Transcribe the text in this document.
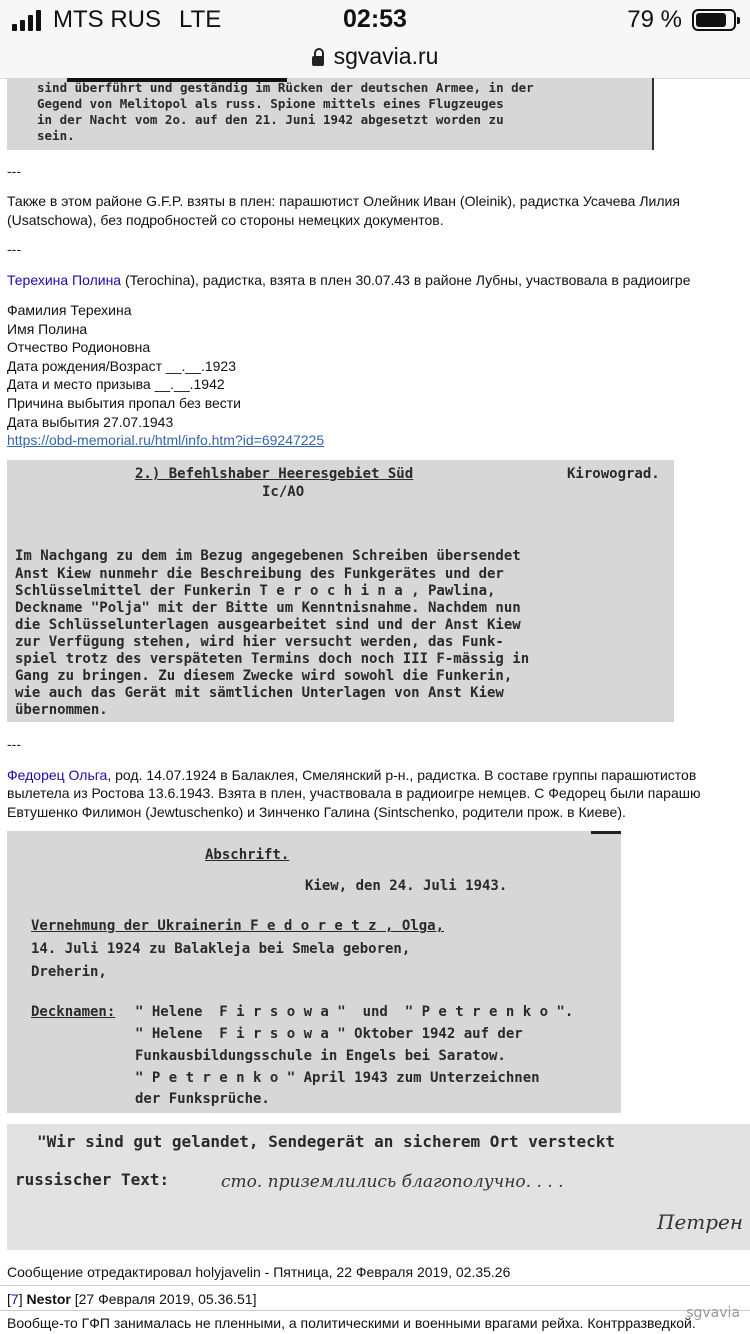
MTS RUS LTE	02:53	79 %
sgvavia.ru
sind überführt und geständig im Rücken der deutschen Armee, in der
Gegend von Melitopol als russ. Spione mittels eines Flugzeuges
in der Nacht vom 2o. auf den 21. Juni 1942 abgesetzt worden zu
sein.
---
Также в этом районе G.F.P. взяты в плен: парашютист Олейник Иван (Oleinik), радистка Усачева Лилия
(Usatschowa), без подробностей со стороны немецких документов.
---
Терехина Полина (Terochina), радистка, взята в плен 30.07.43 в районе Лубны, участвовала в радиоигре
Фамилия Терехина
Имя Полина
Отчество Родионовна
Дата рождения/Возраст __.__.1923
Дата и место призыва __.__.1942
Причина выбытия пропал без вести
Дата выбытия 27.07.1943
https://obd-memorial.ru/html/info.htm?id=69247225
2.) Befehlshaber Heeresgebiet Süd	Kirowograd.
Ic/AO
Im Nachgang zu dem im Bezug angegebenen Schreiben übersendet
Anst Kiew nunmehr die Beschreibung des Funkgerätes und der
Schlüsselmittel der Funkerin T e r o c h i n a , Pawlina,
Deckname "Polja" mit der Bitte um Kenntnisnahme. Nachdem nun
die Schlüsselunterlagen ausgearbeitet sind und der Anst Kiew
zur Verfügung stehen, wird hier versucht werden, das Funk-
spiel trotz des verspäteten Termins doch noch III F-mässig in
Gang zu bringen. Zu diesem Zwecke wird sowohl die Funkerin,
wie auch das Gerät mit sämtlichen Unterlagen von Anst Kiew
übernommen.
---
Федорец Ольга, род. 14.07.1924 в Балаклея, Смелянский р-н., радистка. В составе группы парашютистов
вылетела из Ростова 13.6.1943. Взята в плен, участвовала в радиоигре немцев. С Федорец были парашю
Евтушенко Филимон (Jewtuschenko) и Зинченко Галина (Sintschenko, родители прож. в Киеве).
Abschrift.
Kiew, den 24. Juli 1943.
Vernehmung der Ukrainerin F e d o r e t z , Olga,
14. Juli 1924 zu Balakleja bei Smela geboren,
Dreherin,
Decknamen: " Helene  F i r s o w a "  und  " P e t r e n k o ".
" Helene  F i r s o w a " Oktober 1942 auf der
Funkausbildungsschule in Engels bei Saratow.
" P e t r e n k o " April 1943 zum Unterzeichnen
der Funksprüche.
"Wir sind gut gelandet, Sendegerät an sicherem Ort versteckt
russischer Text:	сто. приземлились благополучно. . . .
Петрен
Сообщение отредактировал holyjavelin - Пятница, 22 Февраля 2019, 02.35.26
[7] Nestor [27 Февраля 2019, 05.36.51]
Вообще-то ГФП занималась не пленными, а политическими и военными врагами рейха. Контрразведкой.
sgvavia
